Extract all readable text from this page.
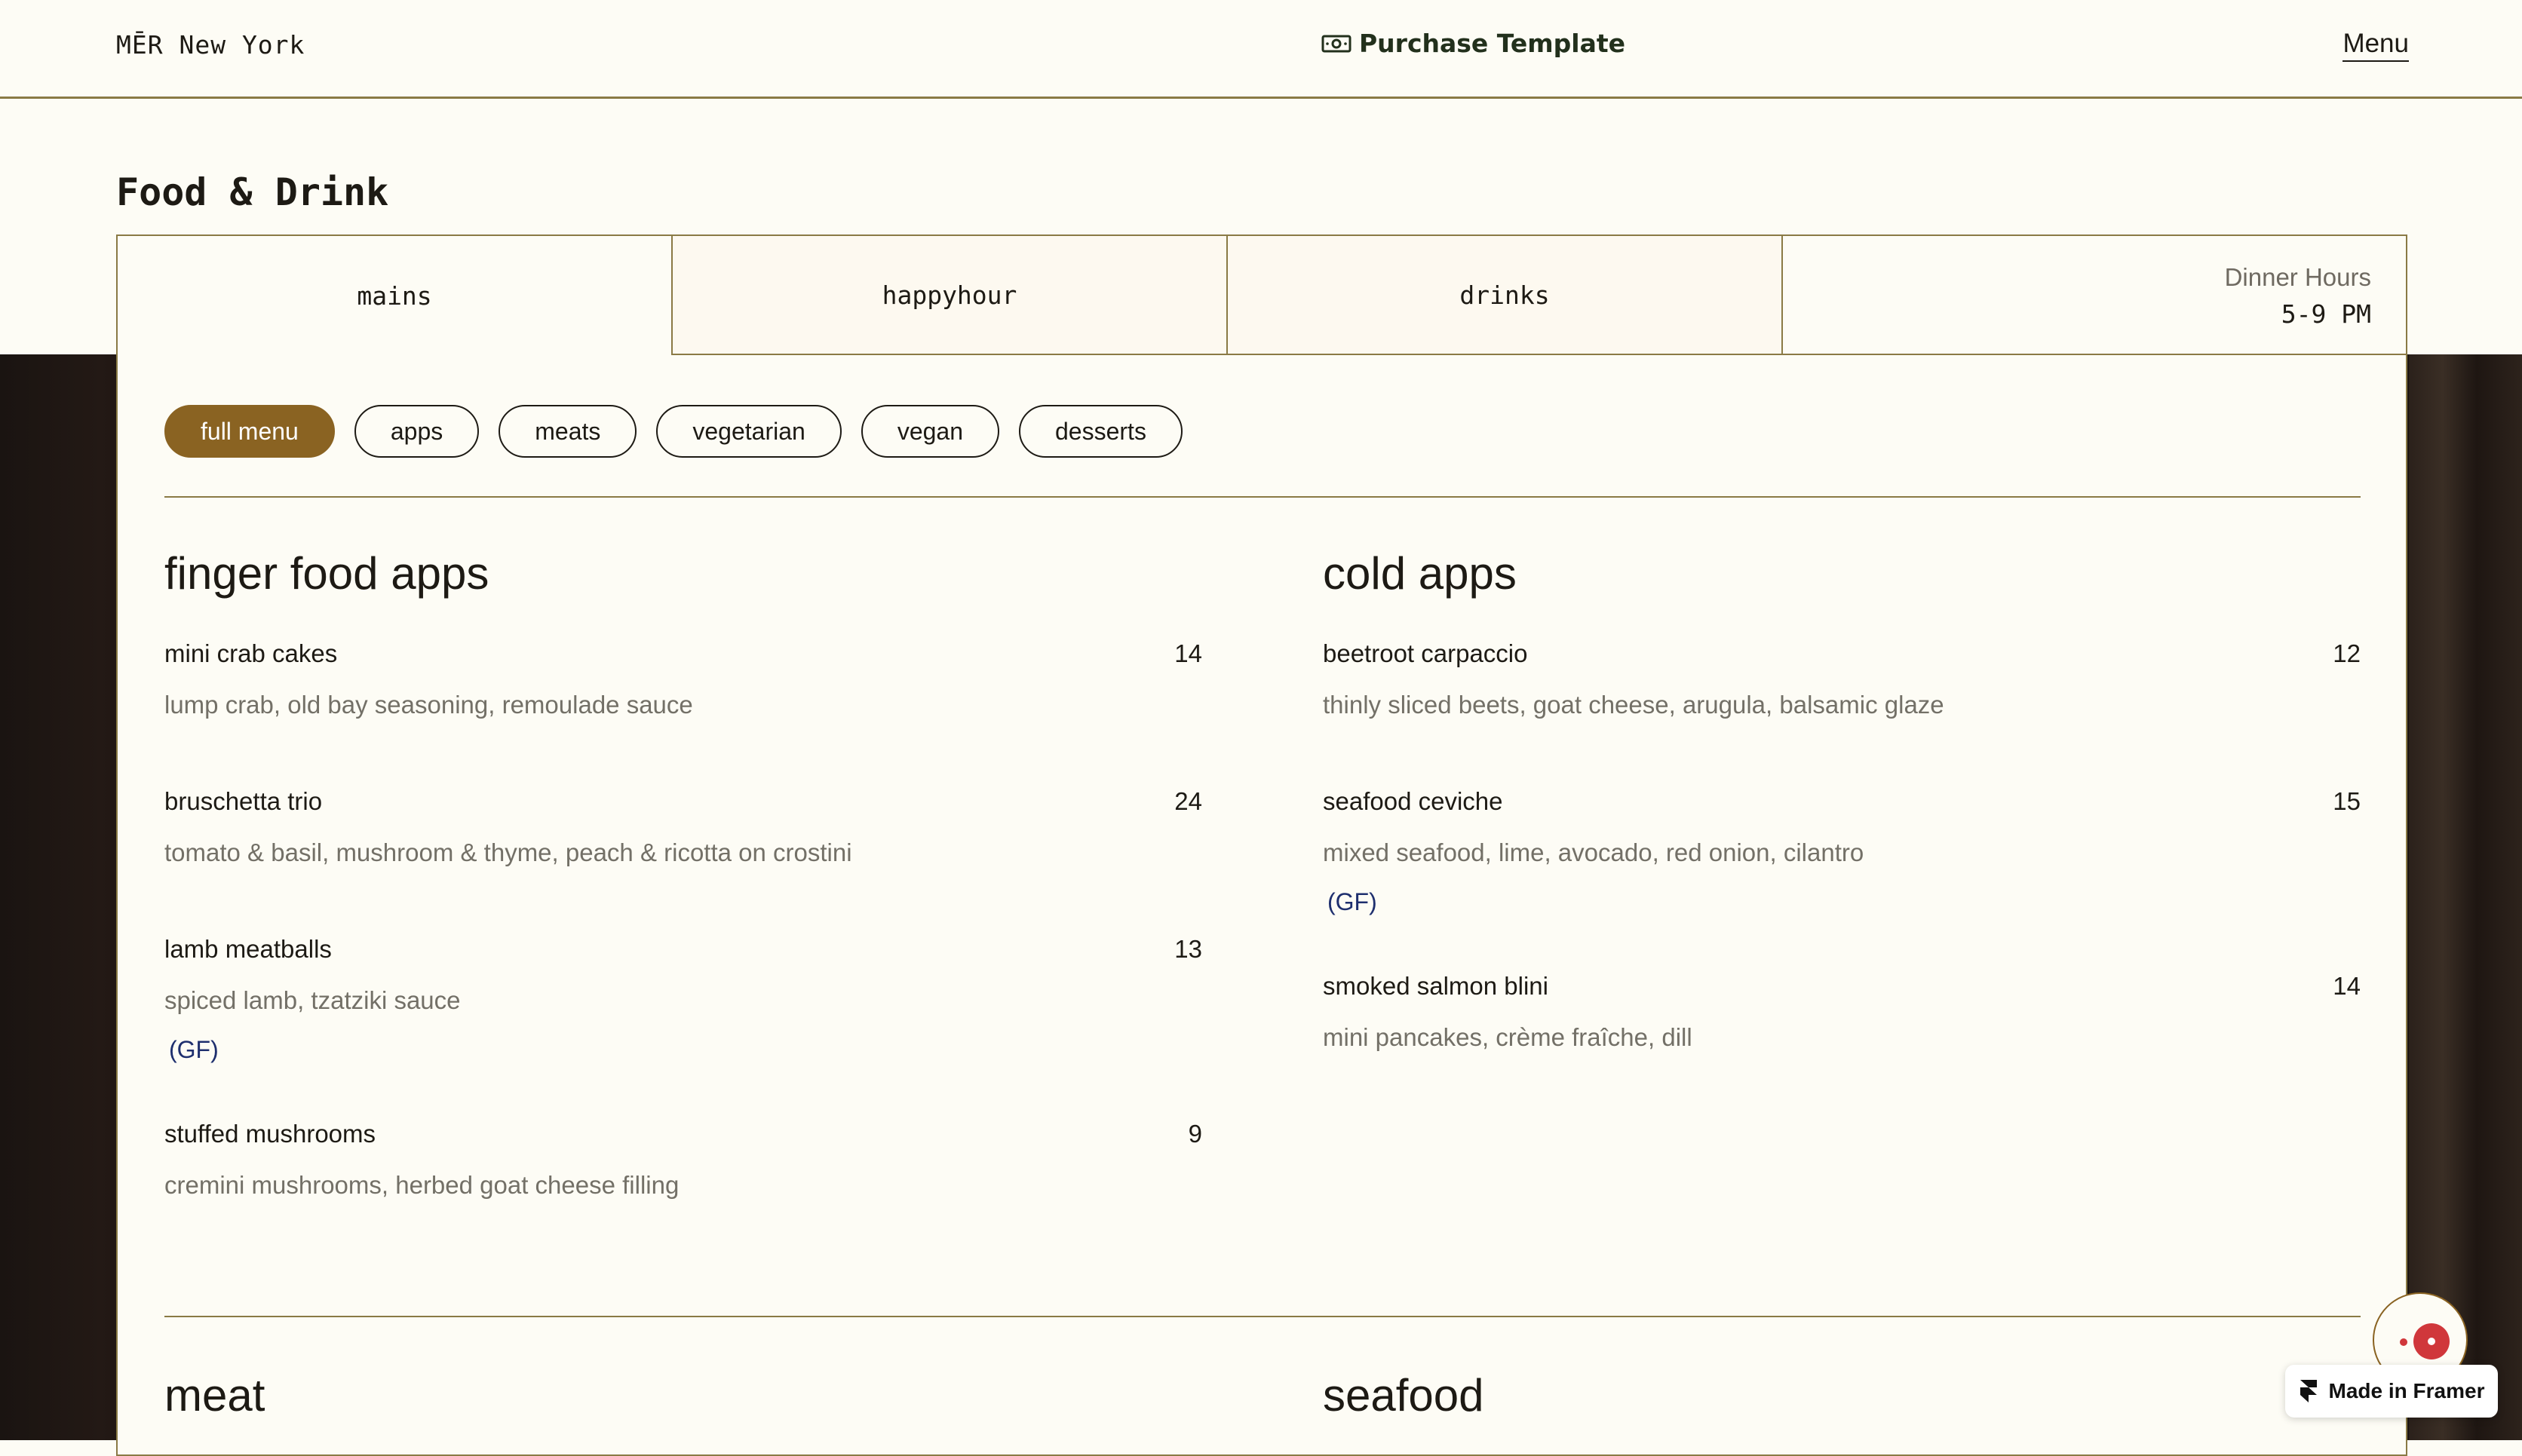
MĒR New York	Purchase Template	Menu
Food & Drink
mains	happyhour	drinks
Dinner Hours
5-9 PM
full menu	apps	meats	vegetarian	vegan	desserts
finger food apps
mini crab cakes	14
lump crab, old bay seasoning, remoulade sauce
bruschetta trio	24
tomato & basil, mushroom & thyme, peach & ricotta on crostini
lamb meatballs	13
spiced lamb, tzatziki sauce
(GF)
stuffed mushrooms	9
cremini mushrooms, herbed goat cheese filling
cold apps
beetroot carpaccio	12
thinly sliced beets, goat cheese, arugula, balsamic glaze
seafood ceviche	15
mixed seafood, lime, avocado, red onion, cilantro
(GF)
smoked salmon blini	14
mini pancakes, crème fraîche, dill
meat	seafood	Made in Framer
